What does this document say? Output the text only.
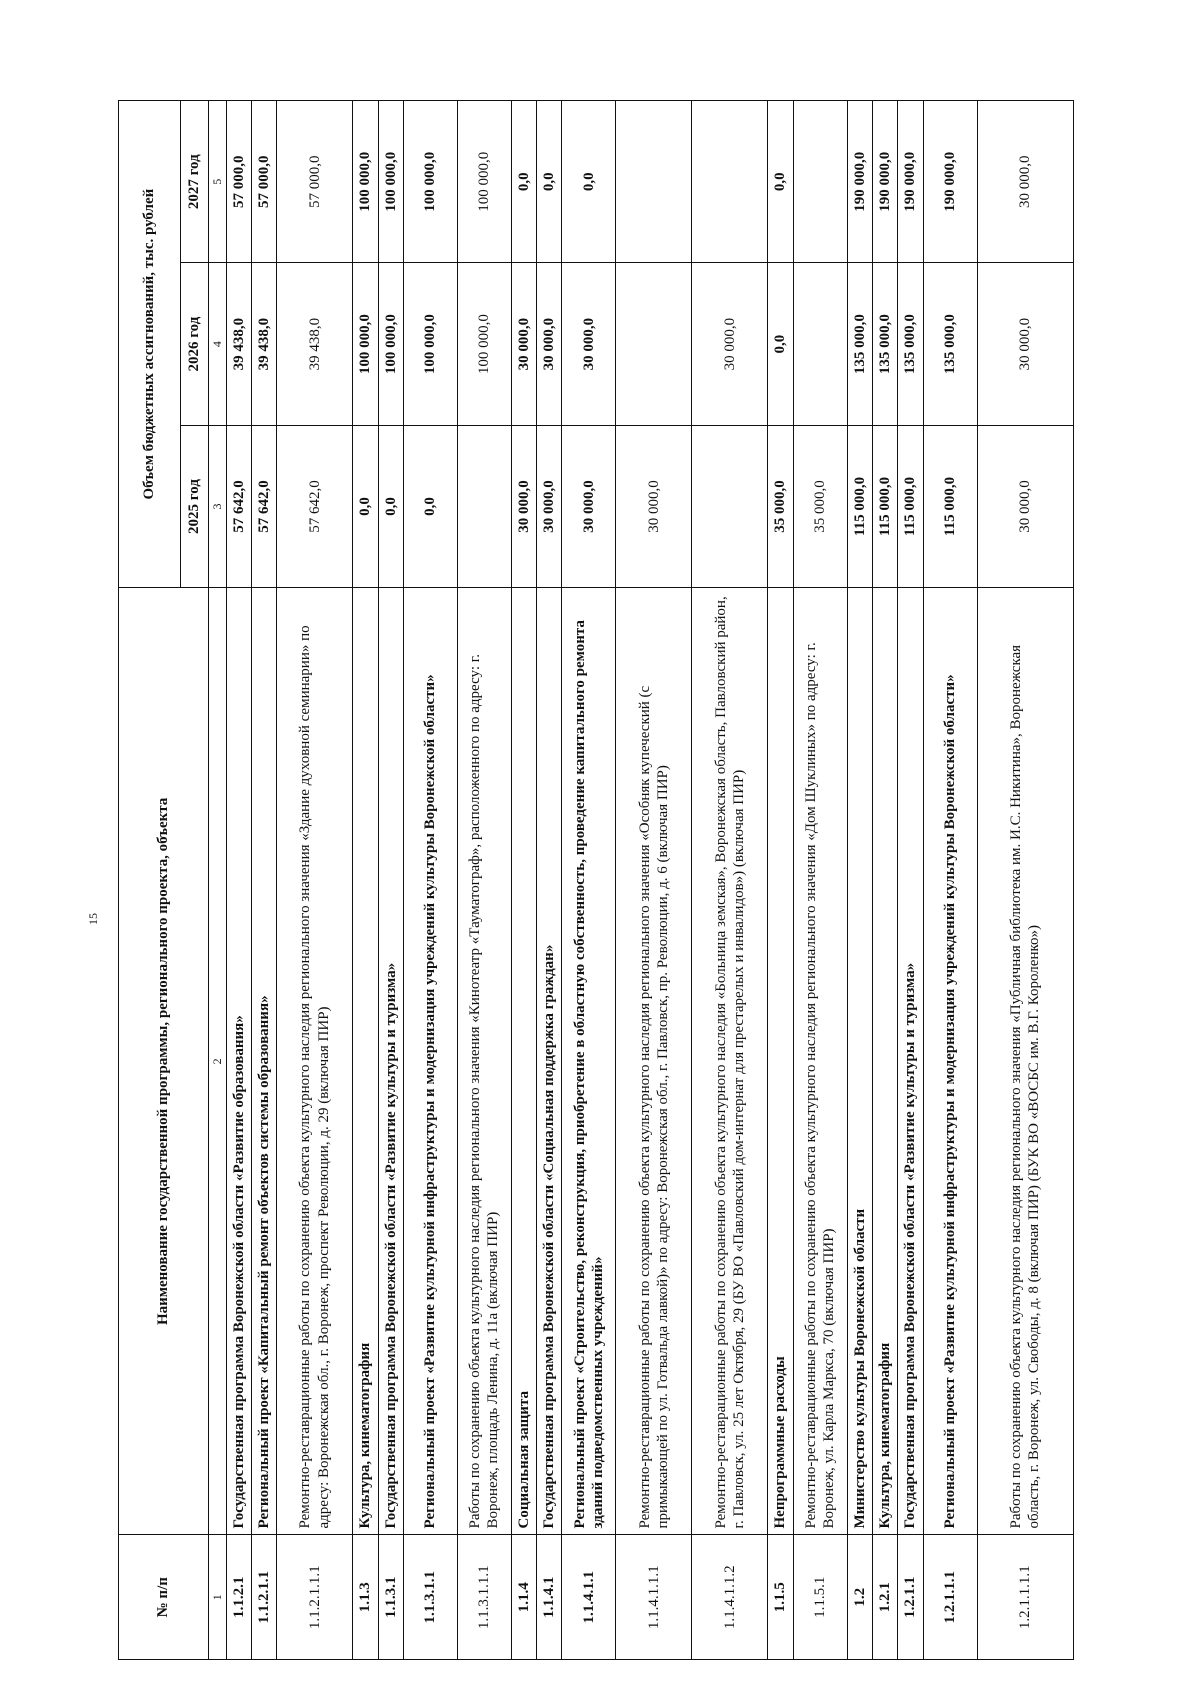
15
№ п/п	Наименование государственной программы, регионального проекта, объекта	Объем бюджетных ассигнований, тыс. рублей		
		2025 год	2026 год	2027 год
1	2	3	4	5
1.1.2.1	Государственная программа Воронежской области «Развитие образования»	57 642,0	39 438,0	57 000,0
1.1.2.1.1	Региональный проект «Капитальный ремонт объектов системы образования»	57 642,0	39 438,0	57 000,0
1.1.2.1.1.1	Ремонтно-реставрационные работы по сохранению объекта культурного наследия регионального значения «Здание духовной семинарии» по адресу: Воронежская обл., г. Воронеж, проспект Революции, д. 29 (включая ПИР)	57 642,0	39 438,0	57 000,0
1.1.3	Культура, кинематография	0,0	100 000,0	100 000,0
1.1.3.1	Государственная программа Воронежской области «Развитие культуры и туризма»	0,0	100 000,0	100 000,0
1.1.3.1.1	Региональный проект «Развитие культурной инфраструктуры и модернизация учреждений культуры Воронежской области»	0,0	100 000,0	100 000,0
1.1.3.1.1.1	Работы по сохранению объекта культурного наследия регионального значения «Кинотеатр «Тауматограф», расположенного по адресу: г. Воронеж, площадь Ленина, д. 11а (включая ПИР)		100 000,0	100 000,0
1.1.4	Социальная защита	30 000,0	30 000,0	0,0
1.1.4.1	Государственная программа Воронежской области «Социальная поддержка граждан»	30 000,0	30 000,0	0,0
1.1.4.1.1	Региональный проект «Строительство, реконструкция, приобретение в областную собственность, проведение капитального ремонта зданий подведомственных учреждений»	30 000,0	30 000,0	0,0
1.1.4.1.1.1	Ремонтно-реставрационные работы по сохранению объекта культурного наследия регионального значения «Особняк купеческий (с примыкающей по ул. Готвальда лавкой)» по адресу: Воронежская обл., г. Павловск, пр. Революции, д. 6 (включая ПИР)	30 000,0		
1.1.4.1.1.2	Ремонтно-реставрационные работы по сохранению объекта культурного наследия «Больница земская», Воронежская область, Павловский район, г. Павловск, ул. 25 лет Октября, 29 (БУ ВО «Павловский дом-интернат для престарелых и инвалидов») (включая ПИР)		30 000,0	
1.1.5	Непрограммные расходы	35 000,0	0,0	0,0
1.1.5.1	Ремонтно-реставрационные работы по сохранению объекта культурного наследия регионального значения «Дом Шуклиных» по адресу: г. Воронеж, ул. Карла Маркса, 70 (включая ПИР)	35 000,0		
1.2	Министерство культуры Воронежской области	115 000,0	135 000,0	190 000,0
1.2.1	Культура, кинематография	115 000,0	135 000,0	190 000,0
1.2.1.1	Государственная программа Воронежской области «Развитие культуры и туризма»	115 000,0	135 000,0	190 000,0
1.2.1.1.1	Региональный проект «Развитие культурной инфраструктуры и модернизация учреждений культуры Воронежской области»	115 000,0	135 000,0	190 000,0
1.2.1.1.1.1	Работы по сохранению объекта культурного наследия регионального значения «Публичная библиотека им. И.С. Никитина», Воронежская область, г. Воронеж, ул. Свободы, д. 8 (включая ПИР) (БУК ВО «ВОСБС им. В.Г. Короленко»)	30 000,0	30 000,0	30 000,0
